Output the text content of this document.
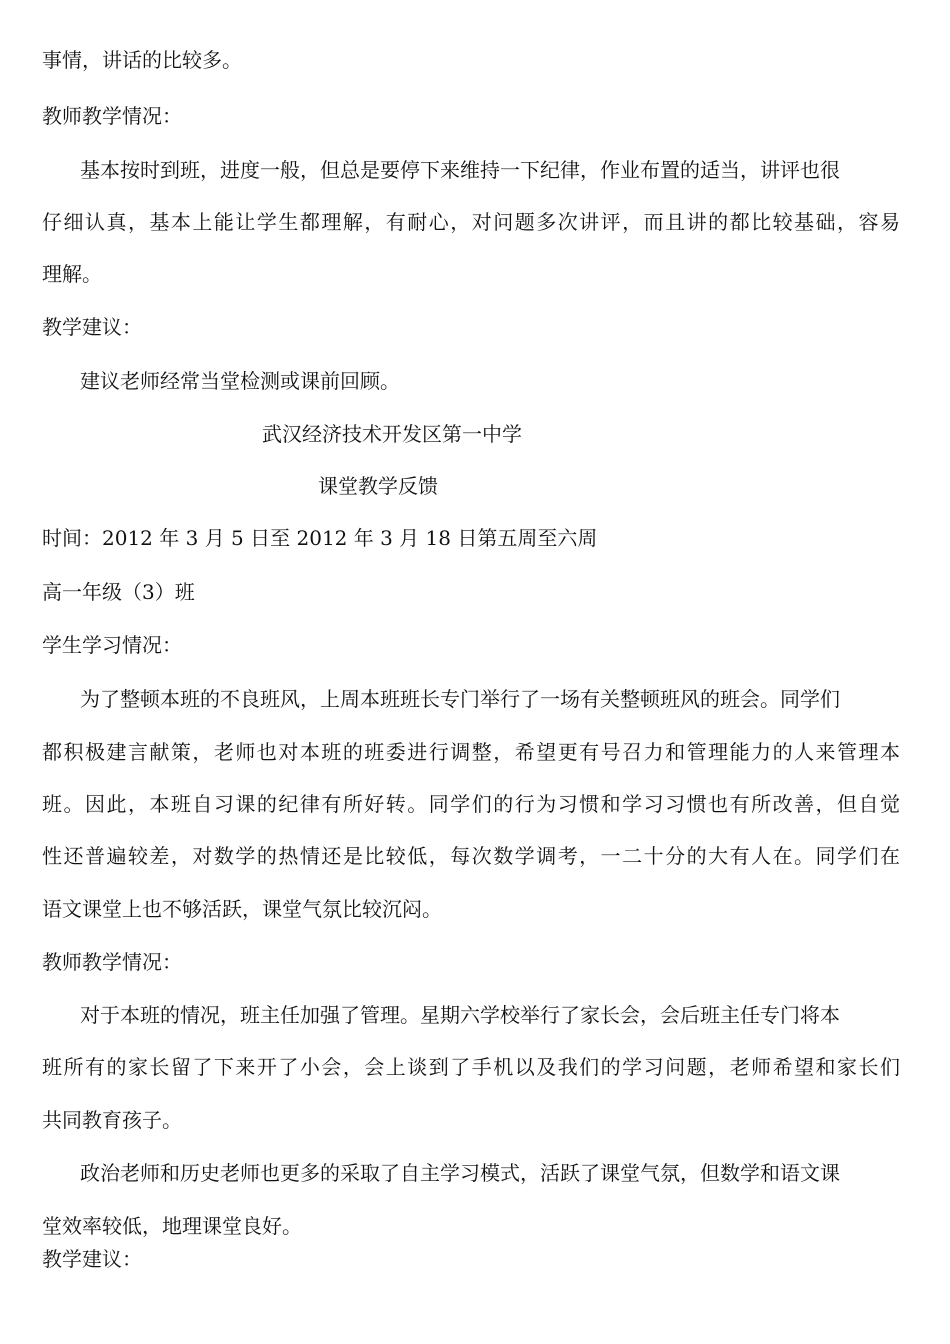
事情，讲话的比较多。

教师教学情况：

基本按时到班，进度一般，但总是要停下来维持一下纪律，作业布置的适当，讲评也很

仔细认真，基本上能让学生都理解，有耐心，对问题多次讲评，而且讲的都比较基础，容易

理解。

教学建议：

建议老师经常当堂检测或课前回顾。

武汉经济技术开发区第一中学

课堂教学反馈

时间：2012 年 3 月 5 日至 2012 年 3 月 18 日第五周至六周

高一年级（3）班

学生学习情况：

为了整顿本班的不良班风，上周本班班长专门举行了一场有关整顿班风的班会。同学们

都积极建言献策，老师也对本班的班委进行调整，希望更有号召力和管理能力的人来管理本

班。因此，本班自习课的纪律有所好转。同学们的行为习惯和学习习惯也有所改善，但自觉

性还普遍较差，对数学的热情还是比较低，每次数学调考，一二十分的大有人在。同学们在

语文课堂上也不够活跃，课堂气氛比较沉闷。

教师教学情况：

对于本班的情况，班主任加强了管理。星期六学校举行了家长会，会后班主任专门将本

班所有的家长留了下来开了小会，会上谈到了手机以及我们的学习问题，老师希望和家长们

共同教育孩子。

政治老师和历史老师也更多的采取了自主学习模式，活跃了课堂气氛，但数学和语文课

堂效率较低，地理课堂良好。

教学建议：
